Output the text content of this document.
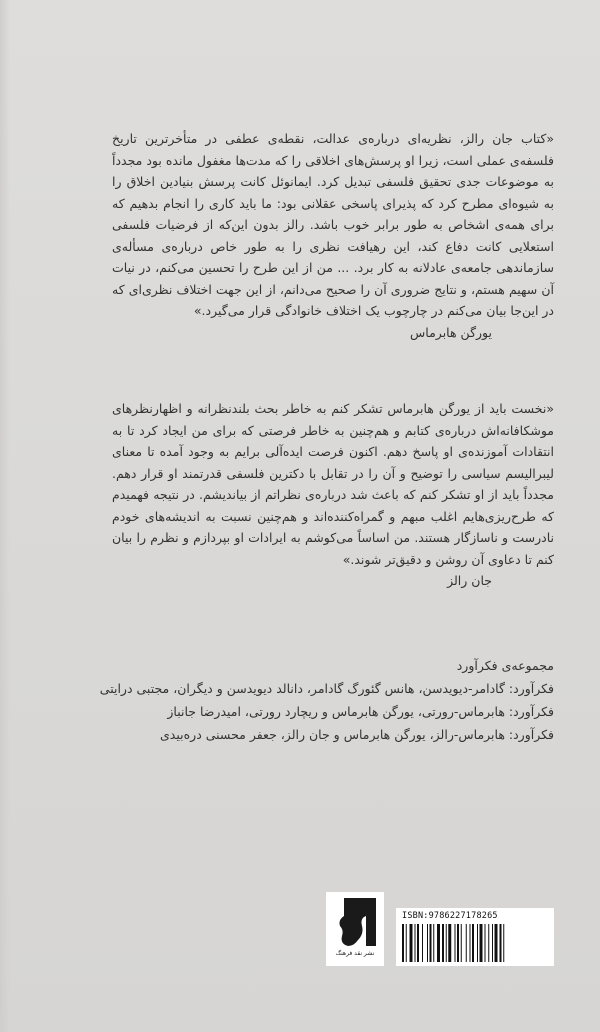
«کتاب جان رالز، نظریه‌ای درباره‌ی عدالت، نقطه‌ی عطفی در متأخرترین تاریخ فلسفه‌ی عملی است، زیرا او پرسش‌های اخلاقی را که مدت‌ها مغفول مانده بود مجدداً به موضوعات جدی تحقیق فلسفی تبدیل کرد. ایمانوئل کانت پرسش بنیادین اخلاق را به شیوه‌ای مطرح کرد که پذیرای پاسخی عقلانی بود: ما باید کاری را انجام بدهیم که برای همه‌ی اشخاص به طور برابر خوب باشد. رالز بدون این‌که از فرضیات فلسفی استعلایی کانت دفاع کند، این رهیافت نظری را به طور خاص درباره‌ی مسأله‌ی سازماندهی جامعه‌ی عادلانه به کار برد. ... من از این طرح را تحسین می‌کنم، در نیات آن سهیم هستم، و نتایج ضروری آن را صحیح می‌دانم، از این جهت اختلاف نظری‌ای که در این‌جا بیان می‌کنم در چارچوب یک اختلاف خانوادگی قرار می‌گیرد.»
یورگن هابرماس
«نخست باید از یورگن هابرماس تشکر کنم به خاطر بحث بلندنظرانه و اظهارنظرهای موشکافانه‌اش درباره‌ی کتابم و هم‌چنین به خاطر فرصتی که برای من ایجاد کرد تا به انتقادات آموزنده‌ی او پاسخ دهم. اکنون فرصت ایده‌آلی برایم به وجود آمده تا معنای لیبرالیسم سیاسی را توضیح و آن را در تقابل با دکترین فلسفی قدرتمند او قرار دهم. مجدداً باید از او تشکر کنم که باعث شد درباره‌ی نظراتم از بیاندیشم. در نتیجه فهمیدم که طرح‌ریزی‌هایم اغلب مبهم و گمراه‌کننده‌اند و هم‌چنین نسبت به اندیشه‌های خودم نادرست و ناسازگار هستند. من اساساً می‌کوشم به ایرادات او بپردازم و نظرم را بیان کنم تا دعاوی آن روشن و دقیق‌تر شوند.»
جان رالز
مجموعه‌ی فکرآورد
فکرآورد: گادامر-دیویدسن، هانس گئورگ گادامر، دانالد دیویدسن و دیگران، مجتبی درایتی
فکرآورد: هابرماس-رورتی، یورگن هابرماس و ریچارد رورتی، امیدرضا جانباز
فکرآورد: هابرماس-رالز، یورگن هابرماس و جان رالز، جعفر محسنی دره‌بیدی
نشر نقد‌ فرهنگ
ISBN:9786227178265
